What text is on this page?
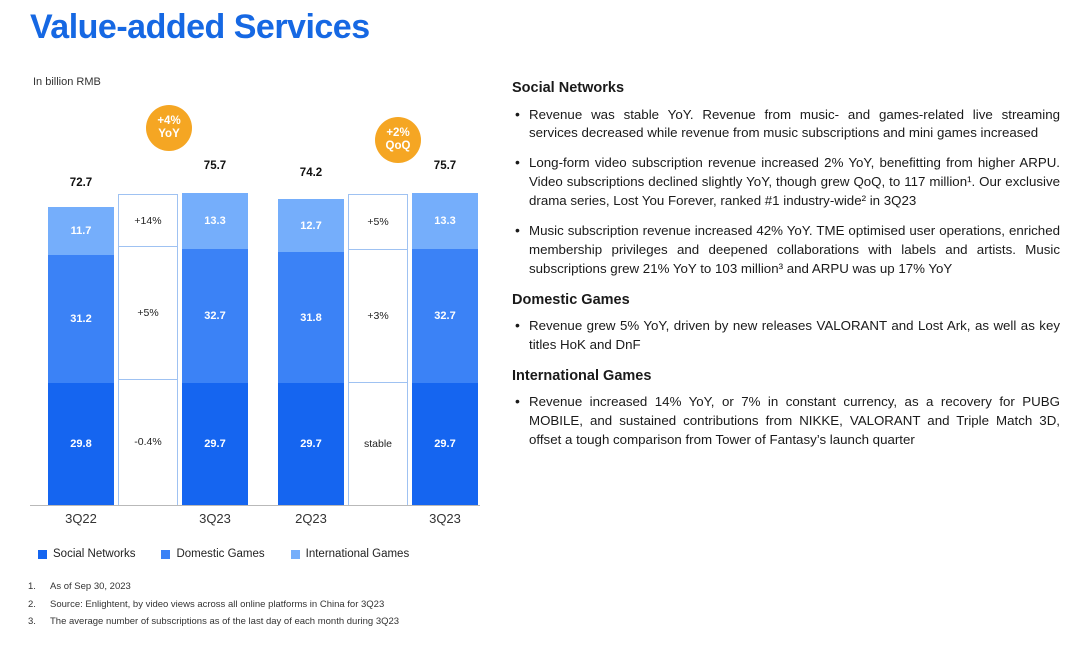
Value-added Services
In billion RMB
+4%
YoY	+2%
QoQ
72.7
11.7
31.2
29.8
+14%
+5%
-0.4%
75.7
13.3
32.7
29.7
74.2
12.7
31.8
29.7
+5%
+3%
stable
75.7
13.3
32.7
29.7
3Q22	3Q23	2Q23	3Q23
Social Networks	Domestic Games	International Games
1.	As of Sep 30, 2023
2.	Source: Enlightent, by video views across all online platforms in China for 3Q23
3.	The average number of subscriptions as of the last day of each month during 3Q23
Social Networks
• Revenue was stable YoY. Revenue from music- and games-related live streaming services decreased while revenue from music subscriptions and mini games increased
• Long-form video subscription revenue increased 2% YoY, benefitting from higher ARPU. Video subscriptions declined slightly YoY, though grew QoQ, to 117 million¹. Our exclusive drama series, Lost You Forever, ranked #1 industry-wide² in 3Q23
• Music subscription revenue increased 42% YoY. TME optimised user operations, enriched membership privileges and deepened collaborations with labels and artists. Music subscriptions grew 21% YoY to 103 million³ and ARPU was up 17% YoY
Domestic Games
• Revenue grew 5% YoY, driven by new releases VALORANT and Lost Ark, as well as key titles HoK and DnF
International Games
• Revenue increased 14% YoY, or 7% in constant currency, as a recovery for PUBG MOBILE, and sustained contributions from NIKKE, VALORANT and Triple Match 3D, offset a tough comparison from Tower of Fantasy’s launch quarter
